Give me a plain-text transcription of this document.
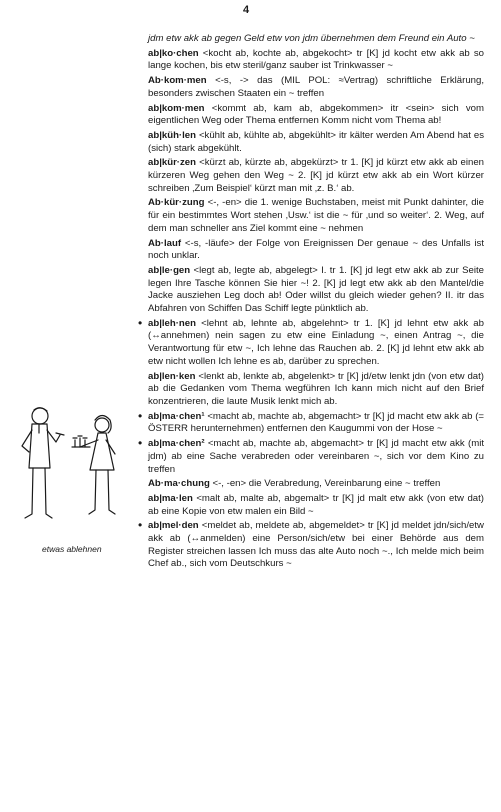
4

jdm etw akk ab gegen Geld etw von jdm übernehmen dem Freund ein Auto ~

ab|ko·chen <kocht ab, kochte ab, abgekocht> tr [K] jd kocht etw akk ab so lange kochen, bis etw steril/ganz sauber ist Trinkwasser ~

Ab·kom·men <-s, -> das (MIL POL: ≈Vertrag) schriftliche Erklärung, besonders zwischen Staaten ein ~ treffen

ab|kom·men <kommt ab, kam ab, abgekommen> itr <sein> sich vom eigentlichen Weg oder Thema entfernen Komm nicht vom Thema ab!

ab|küh·len <kühlt ab, kühlte ab, abgekühlt> itr kälter werden Am Abend hat es (sich) stark abgekühlt.

ab|kür·zen <kürzt ab, kürzte ab, abgekürzt> tr 1. [K] jd kürzt etw akk ab einen kürzeren Weg gehen den Weg ~ 2. [K] jd kürzt etw akk ab ein Wort kürzer schreiben ‚Zum Beispiel‘ kürzt man mit ‚z. B.‘ ab.

Ab·kür·zung <-, -en> die 1. wenige Buchstaben, meist mit Punkt dahinter, die für ein bestimmtes Wort stehen ‚Usw.‘ ist die ~ für ‚und so weiter‘. 2. Weg, auf dem man schneller ans Ziel kommt eine ~ nehmen

Ab·lauf <-s, -läufe> der Folge von Ereignissen Der genaue ~ des Unfalls ist noch unklar.

ab|le·gen <legt ab, legte ab, abgelegt> I. tr 1. [K] jd legt etw akk ab zur Seite legen Ihre Tasche können Sie hier ~! 2. [K] jd legt etw akk ab den Mantel/die Jacke ausziehen Leg doch ab! Oder willst du gleich wieder gehen? II. itr das Abfahren von Schiffen Das Schiff legte pünktlich ab.

• ab|leh·nen <lehnt ab, lehnte ab, abgelehnt> tr 1. [K] jd lehnt etw akk ab (↔annehmen) nein sagen zu etw eine Einladung ~, einen Antrag ~, die Verantwortung für etw ~, Ich lehne das Rauchen ab. 2. [K] jd lehnt etw akk ab etw nicht wollen Ich lehne es ab, darüber zu sprechen.

ab|len·ken <lenkt ab, lenkte ab, abgelenkt> tr [K] jd/etw lenkt jdn (von etw dat) ab die Gedanken vom Thema wegführen Ich kann mich nicht auf den Brief konzentrieren, die laute Musik lenkt mich ab.

• ab|ma·chen¹ <macht ab, machte ab, abgemacht> tr [K] jd macht etw akk ab (= ÖSTERR herunternehmen) entfernen den Kaugummi von der Hose ~

• ab|ma·chen² <macht ab, machte ab, abgemacht> tr [K] jd macht etw akk (mit jdm) ab eine Sache verabreden oder vereinbaren ~, sich vor dem Kino zu treffen

Ab·ma·chung <-, -en> die Verabredung, Vereinbarung eine ~ treffen

ab|ma·len <malt ab, malte ab, abgemalt> tr [K] jd malt etw akk (von etw dat) ab eine Kopie von etw malen ein Bild ~

• ab|mel·den <meldet ab, meldete ab, abgemeldet> tr [K] jd meldet jdn/sich/etw akk ab (↔anmelden) eine Person/sich/etw bei einer Behörde aus dem Register streichen lassen Ich muss das alte Auto noch ~., Ich melde mich beim Chef ab., sich vom Deutschkurs ~

etwas ablehnen
